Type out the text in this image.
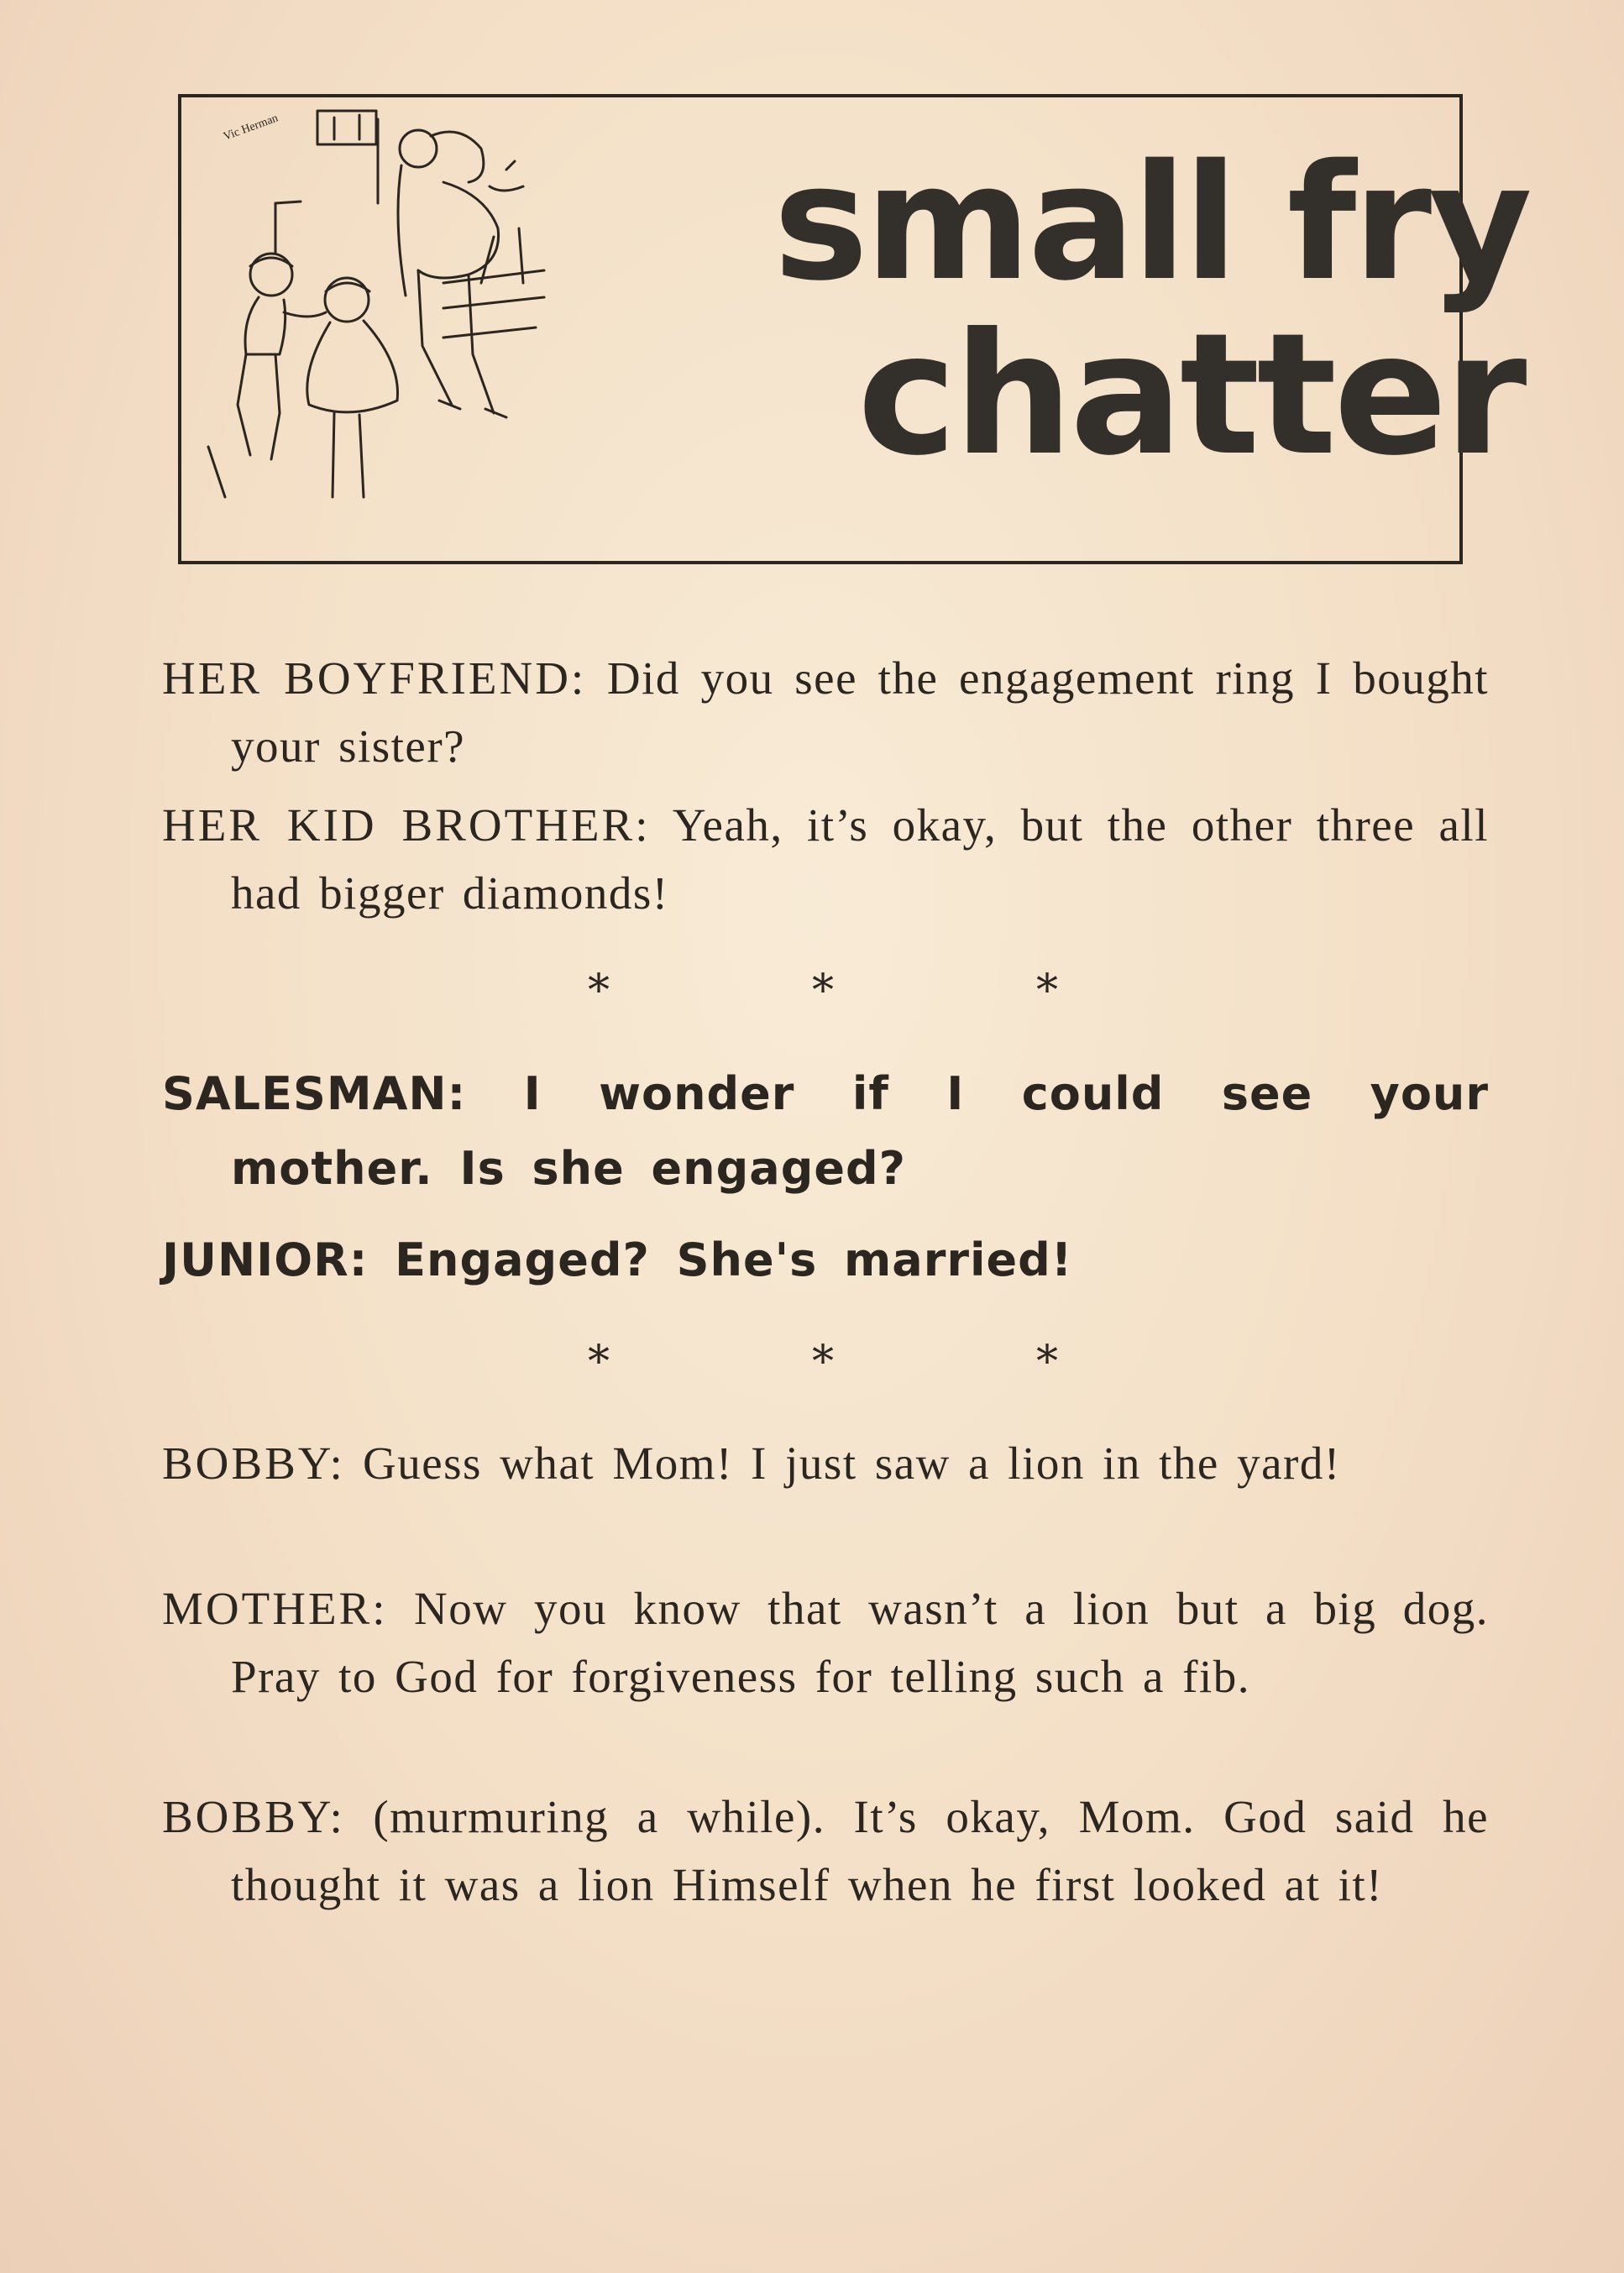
Vic Herman
small fry
chatter
HER BOYFRIEND: Did you see the engagement ring I bought your sister?
HER KID BROTHER: Yeah, it’s okay, but the other three all had bigger diamonds!
*	*	*
SALESMAN: I wonder if I could see your mother. Is she engaged?
JUNIOR: Engaged? She's married!
*	*	*
BOBBY: Guess what Mom! I just saw a lion in the yard!
MOTHER: Now you know that wasn’t a lion but a big dog. Pray to God for forgiveness for telling such a fib.
BOBBY: (murmuring a while). It’s okay, Mom. God said he thought it was a lion Himself when he first looked at it!
